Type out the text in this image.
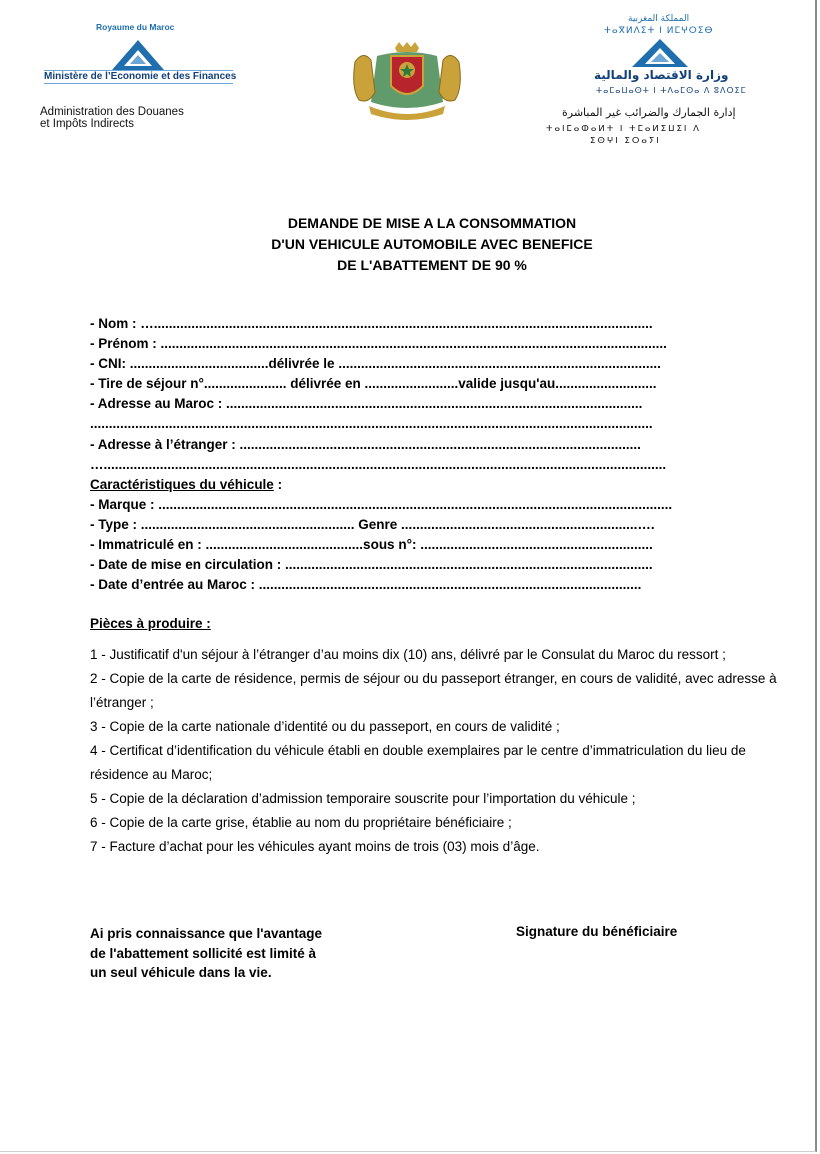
Royaume du Maroc
Ministère de l’Economie et des Finances
Administration des Douanes
et Impôts Indirects
المملكة المغربية
ⵜⴰⴳⵍⴷⵉⵜ ⵏ ⵍⵎⵖⵔⵉⴱ
وزارة الاقتصاد والمالية
ⵜⴰⵎⴰⵡⴰⵙⵜ ⵏ ⵜⴷⴰⵎⵙⴰ ⴷ ⵓⴷⵔⵉⵎ
إدارة الجمارك والضرائب غير المباشرة
ⵜⴰⵏⵎⴰⵀⴰⵍⵜ ⵏ ⵜⵎⴰⵍⵉⵡⵉⵏ ⴷ
ⵉⵙⵖⵏ ⵉⵔⴰⵢⵏ
DEMANDE DE MISE A LA CONSOMMATION
D'UN VEHICULE AUTOMOBILE AVEC BENEFICE
DE L'ABATTEMENT DE 90 %
- Nom : ….....................................................................................................................................
- Prénom : .......................................................................................................................................
- CNI: .....................................délivrée le ......................................................................................
- Tire de séjour n°...................... délivrée en .........................valide jusqu'au...........................
- Adresse au Maroc : ...............................................................................................................
......................................................................................................................................................
- Adresse à l’étranger : ...........................................................................................................
…......................................................................................................................................................
Caractéristiques du véhicule :
- Marque : .........................................................................................................................................
- Type : ......................................................... Genre ...............................................................….
- Immatriculé en : ..........................................sous n°: ..............................................................
- Date de mise en circulation : ..................................................................................................
- Date d’entrée au Maroc : ......................................................................................................
Pièces à produire :

1 - Justificatif d'un séjour à l’étranger d’au moins dix (10) ans, délivré par le Consulat du Maroc du ressort ;

2 - Copie de la carte de résidence, permis de séjour ou du passeport étranger, en cours de validité, avec adresse à l’étranger ;

3 - Copie de la carte nationale d’identité ou du passeport, en cours de validité ;

4 - Certificat d’identification du véhicule établi en double exemplaires par le centre d’immatriculation du lieu de résidence au Maroc;

5 - Copie de la déclaration d’admission temporaire souscrite pour l’importation du véhicule ;

6 - Copie de la carte grise, établie au nom du propriétaire bénéficiaire ;

7 - Facture d’achat pour les véhicules ayant moins de trois (03) mois d’âge.

Ai pris connaissance que l'avantage
de l'abattement sollicité est limité à
un seul véhicule dans la vie.
Signature du bénéficiaire
